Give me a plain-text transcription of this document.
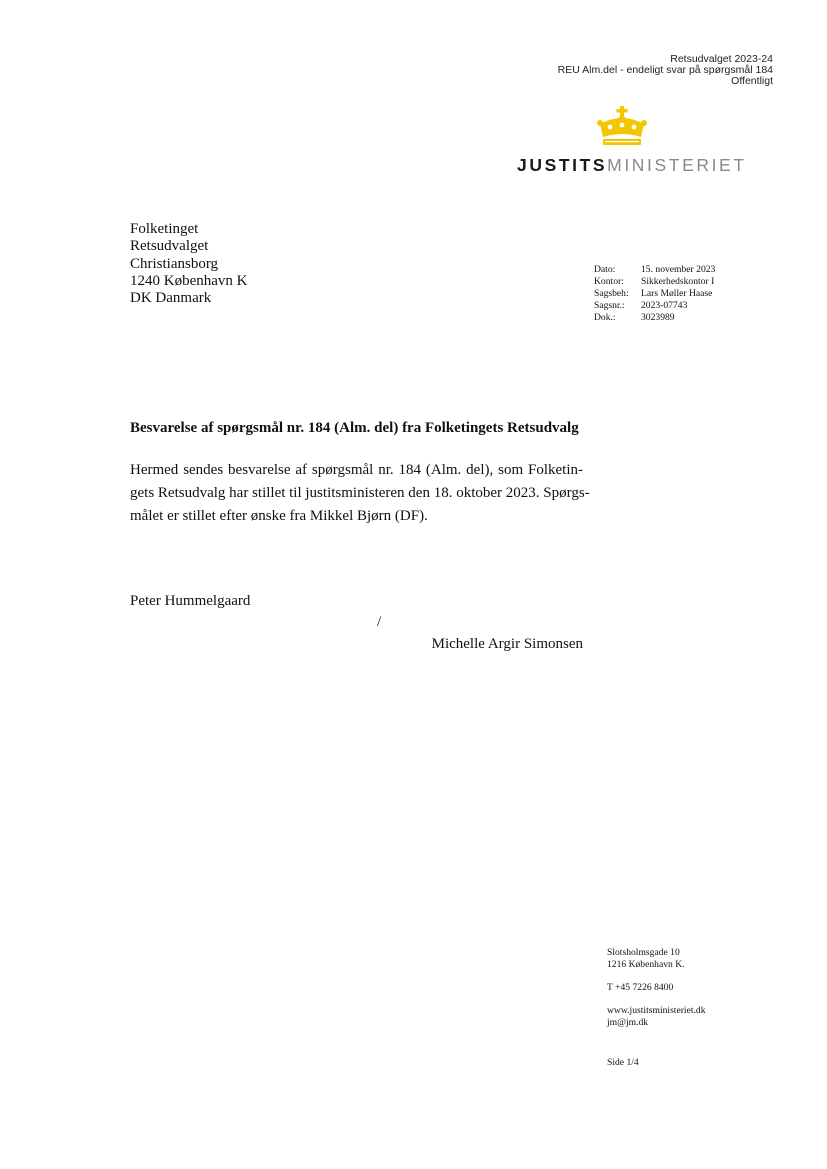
Retsudvalget 2023-24
REU Alm.del - endeligt svar på spørgsmål 184
Offentligt
JUSTITSMINISTERIET
Folketinget
Retsudvalget
Christiansborg
1240 København K
DK Danmark
Dato:	15. november 2023
Kontor:	Sikkerhedskontor I
Sagsbeh:	Lars Møller Haase
Sagsnr.:	2023-07743
Dok.:	3023989
Besvarelse af spørgsmål nr. 184 (Alm. del) fra Folketingets Retsudvalg
Hermed sendes besvarelse af spørgsmål nr. 184 (Alm. del), som Folketin-
gets Retsudvalg har stillet til justitsministeren den 18. oktober 2023. Spørgs-
målet er stillet efter ønske fra Mikkel Bjørn (DF).
Peter Hummelgaard
/
Michelle Argir Simonsen
Slotsholmsgade 10
1216 København K.
T +45 7226 8400
www.justitsministeriet.dk
jm@jm.dk
Side 1/4
